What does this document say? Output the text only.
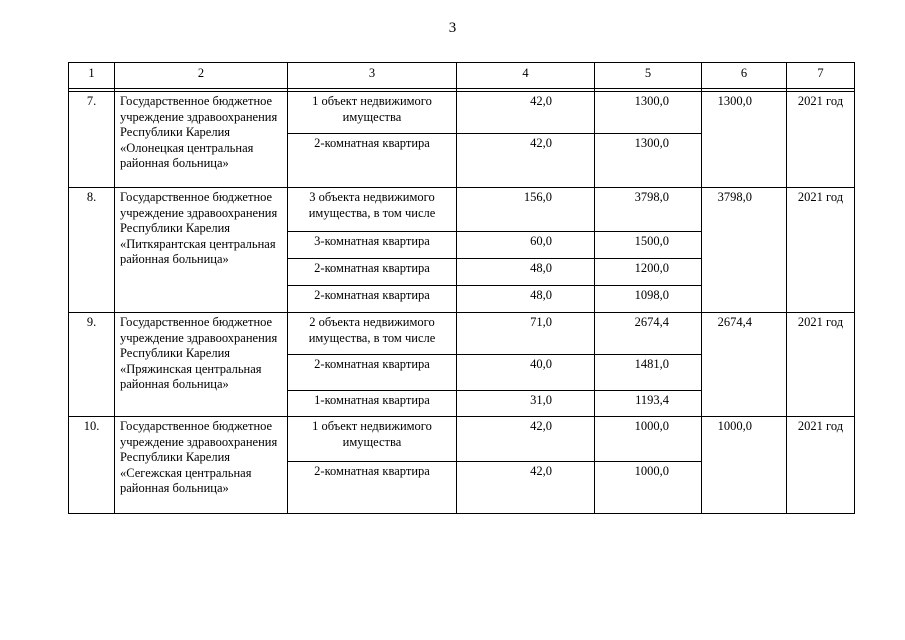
3
1	2	3	4	5	6	7

7.	Государственное бюджетное учреждение здравоохранения Республики Карелия «Олонецкая центральная районная больница»	1 объект недвижимого имущества	42,0	1300,0	1300,0	2021 год
		2-комнатная квартира	42,0	1300,0		
8.	Государственное бюджетное учреждение здравоохранения Республики Карелия «Питкярантская центральная районная больница»	3 объекта недвижимого имущества, в том числе	156,0	3798,0	3798,0	2021 год
		3-комнатная квартира	60,0	1500,0		
		2-комнатная квартира	48,0	1200,0		
		2-комнатная квартира	48,0	1098,0		
9.	Государственное бюджетное учреждение здравоохранения Республики Карелия «Пряжинская центральная районная больница»	2 объекта недвижимого имущества, в том числе	71,0	2674,4	2674,4	2021 год
		2-комнатная квартира	40,0	1481,0		
		1-комнатная квартира	31,0	1193,4		
10.	Государственное бюджетное учреждение здравоохранения Республики Карелия «Сегежская центральная районная больница»	1 объект недвижимого имущества	42,0	1000,0	1000,0	2021 год
		2-комнатная квартира	42,0	1000,0		
